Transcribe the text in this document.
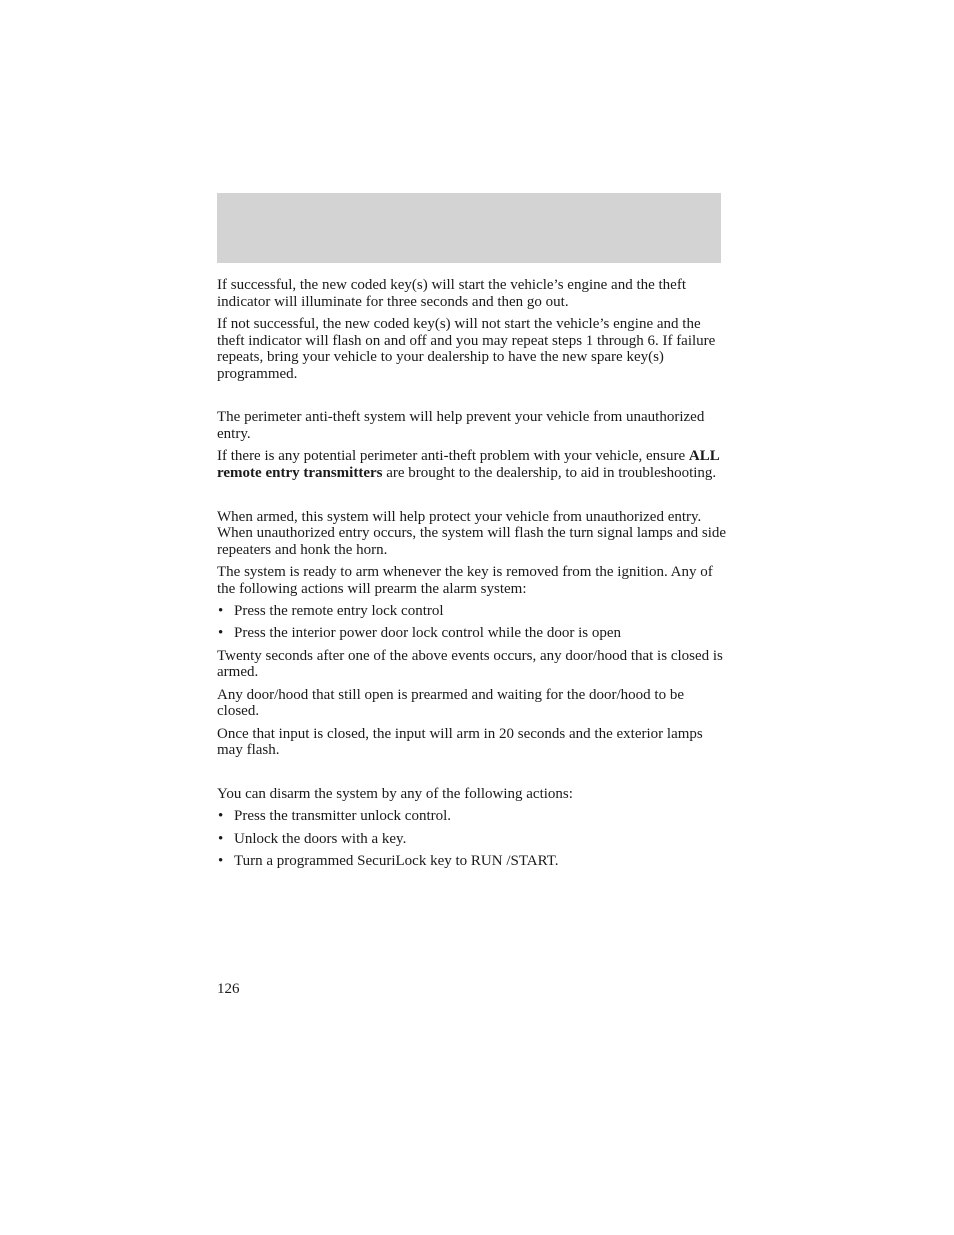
If successful, the new coded key(s) will start the vehicle’s engine and the theft indicator will illuminate for three seconds and then go out.

If not successful, the new coded key(s) will not start the vehicle’s engine and the theft indicator will flash on and off and you may repeat steps 1 through 6. If failure repeats, bring your vehicle to your dealership to have the new spare key(s) programmed.

The perimeter anti-theft system will help prevent your vehicle from unauthorized entry.

If there is any potential perimeter anti-theft problem with your vehicle, ensure ALL remote entry transmitters are brought to the dealership, to aid in troubleshooting.

When armed, this system will help protect your vehicle from unauthorized entry. When unauthorized entry occurs, the system will flash the turn signal lamps and side repeaters and honk the horn.

The system is ready to arm whenever the key is removed from the ignition. Any of the following actions will prearm the alarm system:

• Press the remote entry lock control
• Press the interior power door lock control while the door is open

Twenty seconds after one of the above events occurs, any door/hood that is closed is armed.

Any door/hood that still open is prearmed and waiting for the door/hood to be closed.

Once that input is closed, the input will arm in 20 seconds and the exterior lamps may flash.

You can disarm the system by any of the following actions:

• Press the transmitter unlock control.
• Unlock the doors with a key.
• Turn a programmed SecuriLock key to RUN /START.
126
